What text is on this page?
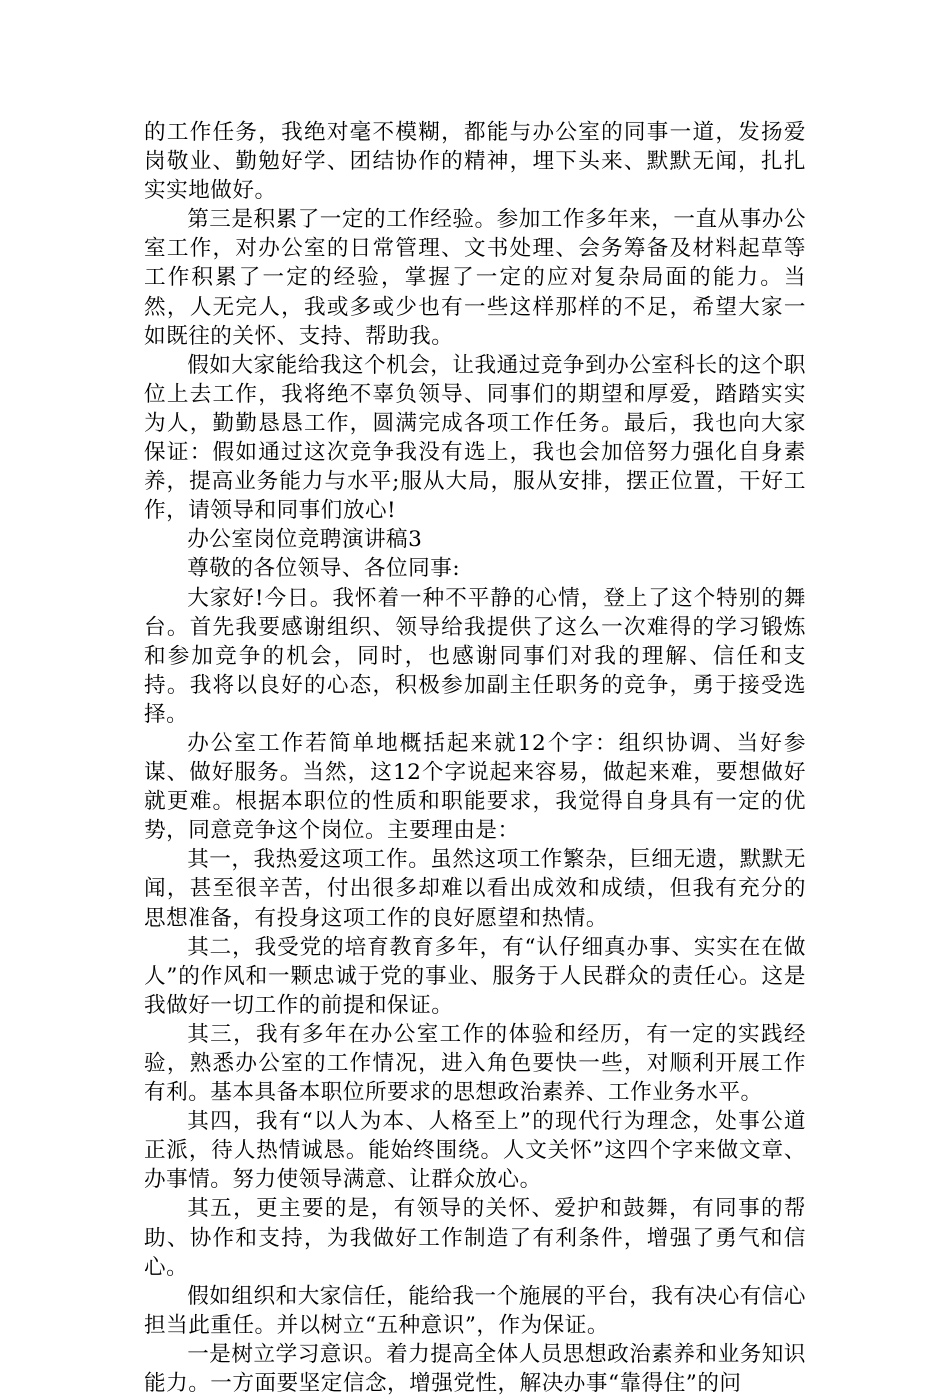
的工作任务，我绝对毫不模糊，都能与办公室的同事一道，发扬爱岗敬业、勤勉好学、团结协作的精神，埋下头来、默默无闻，扎扎实实地做好。

第三是积累了一定的工作经验。参加工作多年来，一直从事办公室工作，对办公室的日常管理、文书处理、会务筹备及材料起草等工作积累了一定的经验，掌握了一定的应对复杂局面的能力。当然，人无完人，我或多或少也有一些这样那样的不足，希望大家一如既往的关怀、支持、帮助我。

假如大家能给我这个机会，让我通过竞争到办公室科长的这个职位上去工作，我将绝不辜负领导、同事们的期望和厚爱，踏踏实实为人，勤勤恳恳工作，圆满完成各项工作任务。最后，我也向大家保证：假如通过这次竞争我没有选上，我也会加倍努力强化自身素养，提高业务能力与水平;服从大局，服从安排，摆正位置，干好工作，请领导和同事们放心!

办公室岗位竞聘演讲稿3

尊敬的各位领导、各位同事:

大家好!今日。我怀着一种不平静的心情，登上了这个特别的舞台。首先我要感谢组织、领导给我提供了这么一次难得的学习锻炼和参加竞争的机会，同时，也感谢同事们对我的理解、信任和支持。我将以良好的心态，积极参加副主任职务的竞争，勇于接受选择。

办公室工作若简单地概括起来就12个字：组织协调、当好参谋、做好服务。当然，这12个字说起来容易，做起来难，要想做好就更难。根据本职位的性质和职能要求，我觉得自身具有一定的优势，同意竞争这个岗位。主要理由是：

其一，我热爱这项工作。虽然这项工作繁杂，巨细无遗，默默无闻，甚至很辛苦，付出很多却难以看出成效和成绩，但我有充分的思想准备，有投身这项工作的良好愿望和热情。

其二，我受党的培育教育多年，有“认仔细真办事、实实在在做人”的作风和一颗忠诚于党的事业、服务于人民群众的责任心。这是我做好一切工作的前提和保证。

其三，我有多年在办公室工作的体验和经历，有一定的实践经验，熟悉办公室的工作情况，进入角色要快一些，对顺利开展工作有利。基本具备本职位所要求的思想政治素养、工作业务水平。

其四，我有“以人为本、人格至上”的现代行为理念，处事公道正派，待人热情诚恳。能始终围绕。人文关怀”这四个字来做文章、办事情。努力使领导满意、让群众放心。

其五，更主要的是，有领导的关怀、爱护和鼓舞，有同事的帮助、协作和支持，为我做好工作制造了有利条件，增强了勇气和信心。

假如组织和大家信任，能给我一个施展的平台，我有决心有信心担当此重任。并以树立“五种意识”，作为保证。

一是树立学习意识。着力提高全体人员思想政治素养和业务知识能力。一方面要坚定信念，增强党性，解决办事“靠得住”的问
